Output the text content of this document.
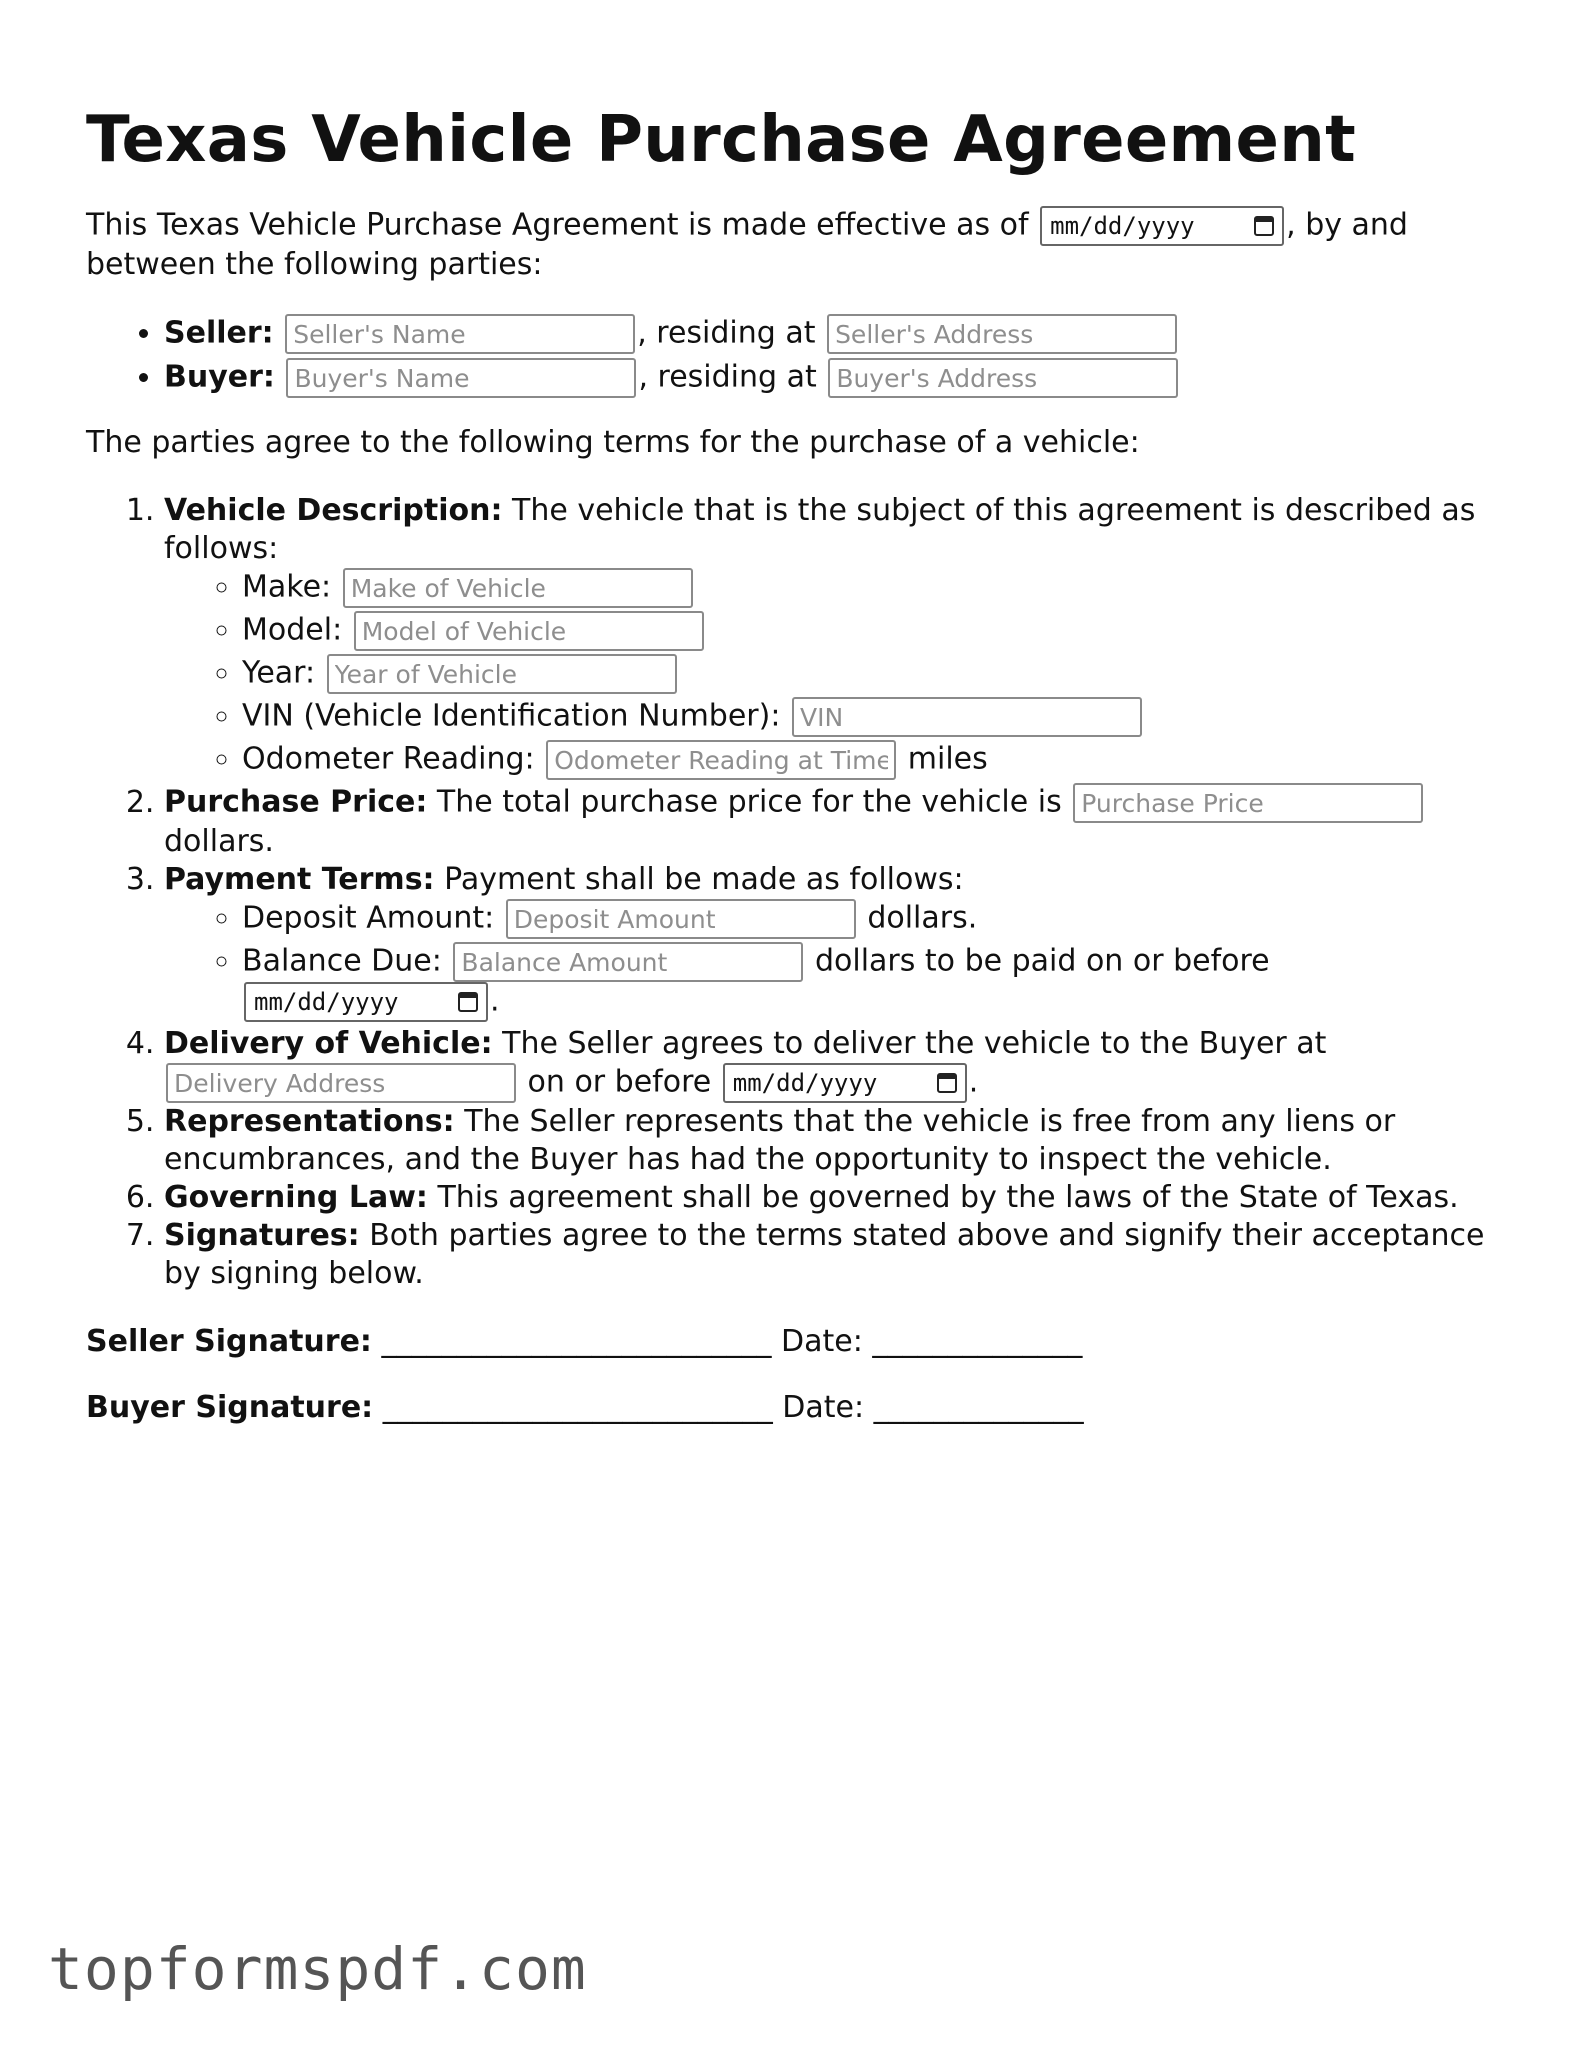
Texas Vehicle Purchase Agreement

This Texas Vehicle Purchase Agreement is made effective as of mm/dd/yyyy	, by and between the following parties:

• Seller: Seller's Name	, residing at Seller's Address
• Buyer: Buyer's Name	, residing at Buyer's Address

The parties agree to the following terms for the purchase of a vehicle:

1. Vehicle Description: The vehicle that is the subject of this agreement is described as follows:
◦ Make: Make of Vehicle
◦ Model: Model of Vehicle
◦ Year: Year of Vehicle
◦ VIN (Vehicle Identification Number): VIN
◦ Odometer Reading: Odometer Reading at Time of Sale	miles
2. Purchase Price: The total purchase price for the vehicle is Purchase Price dollars.
3. Payment Terms: Payment shall be made as follows:
◦ Deposit Amount: Deposit Amount	dollars.
◦ Balance Due: Balance Amount	dollars to be paid on or before
mm/dd/yyyy	.
4. Delivery of Vehicle: The Seller agrees to deliver the vehicle to the Buyer at Delivery Address on or before mm/dd/yyyy	.
5. Representations: The Seller represents that the vehicle is free from any liens or encumbrances, and the Buyer has had the opportunity to inspect the vehicle.
6. Governing Law: This agreement shall be governed by the laws of the State of Texas.
7. Signatures: Both parties agree to the terms stated above and signify their acceptance by signing below.

Seller Signature: __________________________ Date: ______________

Buyer Signature: __________________________ Date: ______________

topformspdf.com
